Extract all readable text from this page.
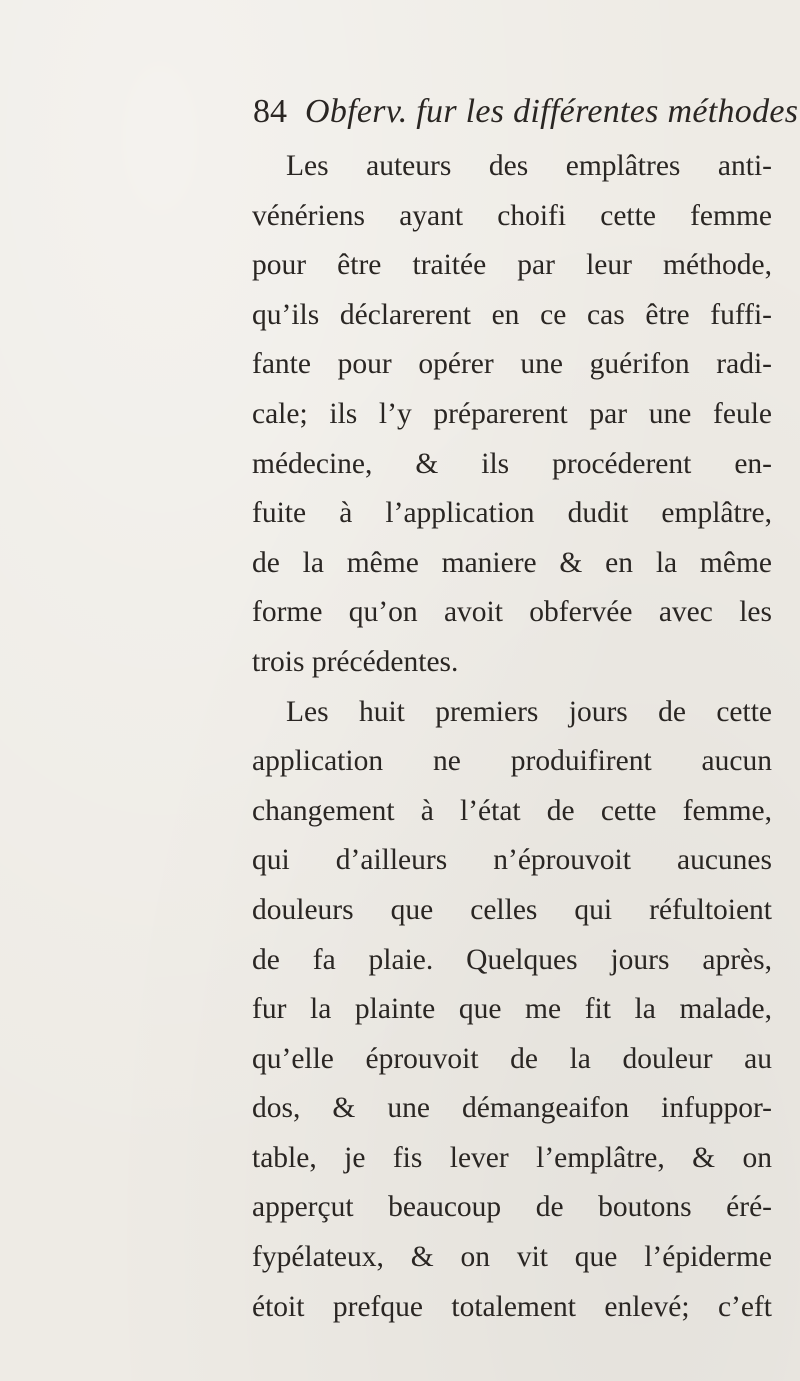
84 Obferv. fur les différentes méthodes
Les auteurs des emplâtres anti-
vénériens ayant choifi cette femme
pour être traitée par leur méthode,
qu’ils déclarerent en ce cas être fuffi-
fante pour opérer une guérifon radi-
cale; ils l’y préparerent par une feule
médecine, & ils procéderent en-
fuite à l’application dudit emplâtre,
de la même maniere & en la même
forme qu’on avoit obfervée avec les
trois précédentes.
Les huit premiers jours de cette
application ne produifirent aucun
changement à l’état de cette femme,
qui d’ailleurs n’éprouvoit aucunes
douleurs que celles qui réfultoient
de fa plaie. Quelques jours après,
fur la plainte que me fit la malade,
qu’elle éprouvoit de la douleur au
dos, & une démangeaifon infuppor-
table, je fis lever l’emplâtre, & on
apperçut beaucoup de boutons éré-
fypélateux, & on vit que l’épiderme
étoit prefque totalement enlevé; c’eft
